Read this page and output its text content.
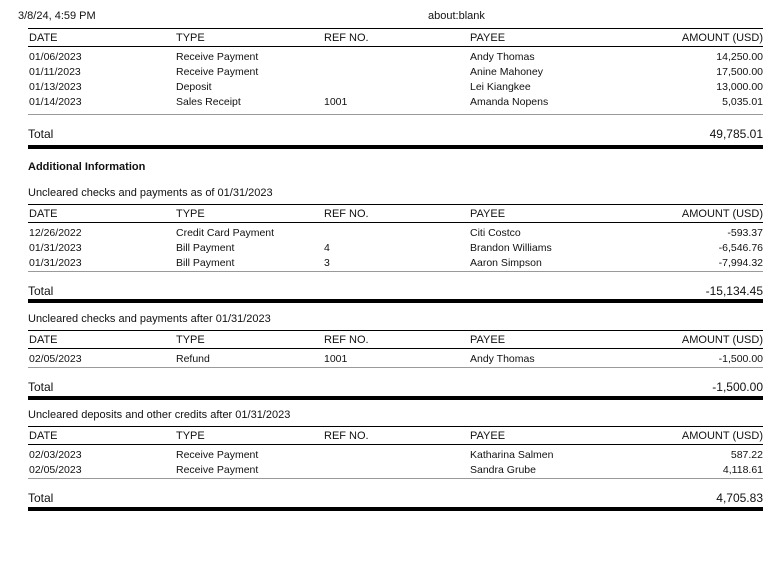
3/8/24, 4:59 PM	about:blank
DATE	TYPE	REF NO.	PAYEE	AMOUNT (USD)
01/06/2023	Receive Payment		Andy Thomas	14,250.00
01/11/2023	Receive Payment		Anine Mahoney	17,500.00
01/13/2023	Deposit		Lei Kiangkee	13,000.00
01/14/2023	Sales Receipt	1001	Amanda Nopens	5,035.01
Total	49,785.01
Additional Information
Uncleared checks and payments as of 01/31/2023
DATE	TYPE	REF NO.	PAYEE	AMOUNT (USD)
12/26/2022	Credit Card Payment		Citi Costco	-593.37
01/31/2023	Bill Payment	4	Brandon Williams	-6,546.76
01/31/2023	Bill Payment	3	Aaron Simpson	-7,994.32
Total	-15,134.45
Uncleared checks and payments after 01/31/2023
DATE	TYPE	REF NO.	PAYEE	AMOUNT (USD)
02/05/2023	Refund	1001	Andy Thomas	-1,500.00
Total	-1,500.00
Uncleared deposits and other credits after 01/31/2023
DATE	TYPE	REF NO.	PAYEE	AMOUNT (USD)
02/03/2023	Receive Payment		Katharina Salmen	587.22
02/05/2023	Receive Payment		Sandra Grube	4,118.61
Total	4,705.83
